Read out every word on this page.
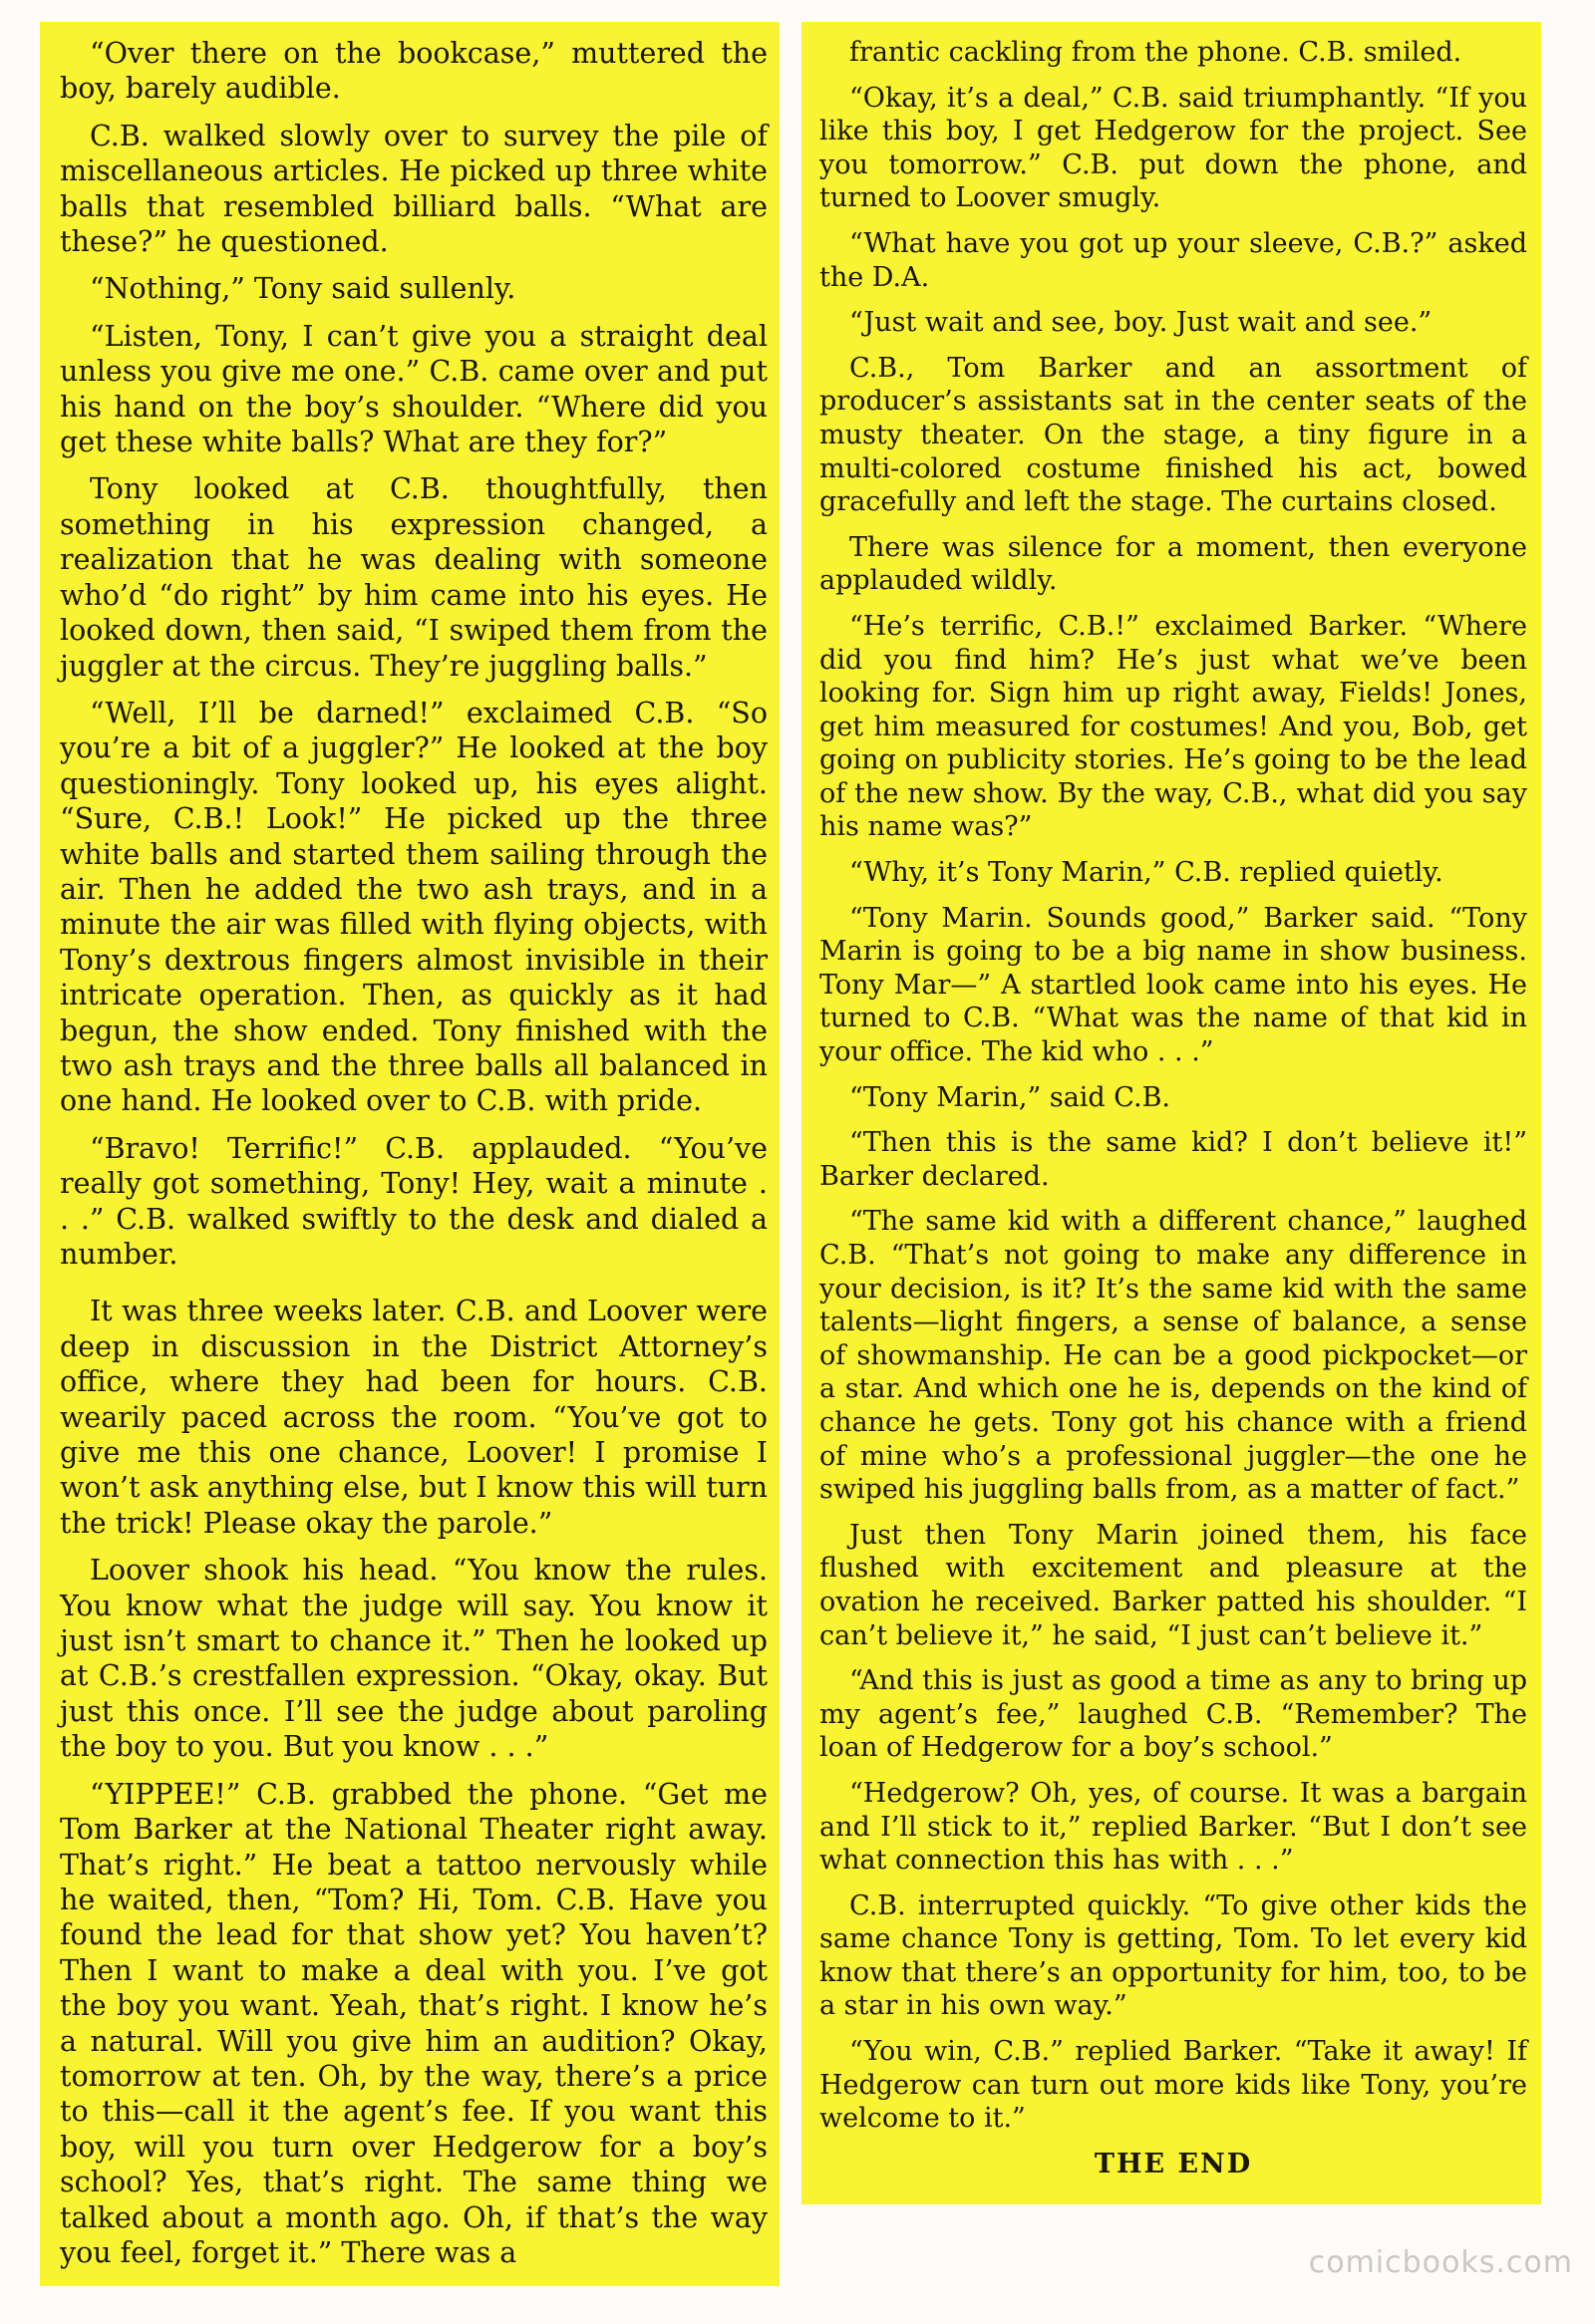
“Over there on the bookcase,” muttered the boy, barely audible.

C.B. walked slowly over to survey the pile of miscellaneous articles. He picked up three white balls that resembled billiard balls. “What are these?” he questioned.

“Nothing,” Tony said sullenly.

“Listen, Tony, I can’t give you a straight deal unless you give me one.” C.B. came over and put his hand on the boy’s shoulder. “Where did you get these white balls? What are they for?”

Tony looked at C.B. thoughtfully, then something in his expression changed, a realization that he was dealing with someone who’d “do right” by him came into his eyes. He looked down, then said, “I swiped them from the juggler at the circus. They’re juggling balls.”

“Well, I’ll be darned!” exclaimed C.B. “So you’re a bit of a juggler?” He looked at the boy questioningly. Tony looked up, his eyes alight. “Sure, C.B.! Look!” He picked up the three white balls and started them sailing through the air. Then he added the two ash trays, and in a minute the air was filled with flying objects, with Tony’s dextrous fingers almost invisible in their intricate operation. Then, as quickly as it had begun, the show ended. Tony finished with the two ash trays and the three balls all balanced in one hand. He looked over to C.B. with pride.

“Bravo! Terrific!” C.B. applauded. “You’ve really got something, Tony! Hey, wait a minute . . .” C.B. walked swiftly to the desk and dialed a number.

It was three weeks later. C.B. and Loover were deep in discussion in the District Attorney’s office, where they had been for hours. C.B. wearily paced across the room. “You’ve got to give me this one chance, Loover! I promise I won’t ask anything else, but I know this will turn the trick! Please okay the parole.”

Loover shook his head. “You know the rules. You know what the judge will say. You know it just isn’t smart to chance it.” Then he looked up at C.B.’s crestfallen expression. “Okay, okay. But just this once. I’ll see the judge about paroling the boy to you. But you know . . .”

“YIPPEE!” C.B. grabbed the phone. “Get me Tom Barker at the National Theater right away. That’s right.” He beat a tattoo nervously while he waited, then, “Tom? Hi, Tom. C.B. Have you found the lead for that show yet? You haven’t? Then I want to make a deal with you. I’ve got the boy you want. Yeah, that’s right. I know he’s a natural. Will you give him an audition? Okay, tomorrow at ten. Oh, by the way, there’s a price to this—call it the agent’s fee. If you want this boy, will you turn over Hedgerow for a boy’s school? Yes, that’s right. The same thing we talked about a month ago. Oh, if that’s the way you feel, forget it.” There was a

frantic cackling from the phone. C.B. smiled.

“Okay, it’s a deal,” C.B. said triumphantly. “If you like this boy, I get Hedgerow for the project. See you tomorrow.” C.B. put down the phone, and turned to Loover smugly.

“What have you got up your sleeve, C.B.?” asked the D.A.

“Just wait and see, boy. Just wait and see.”

C.B., Tom Barker and an assortment of producer’s assistants sat in the center seats of the musty theater. On the stage, a tiny figure in a multi-colored costume finished his act, bowed gracefully and left the stage. The curtains closed.

There was silence for a moment, then everyone applauded wildly.

“He’s terrific, C.B.!” exclaimed Barker. “Where did you find him? He’s just what we’ve been looking for. Sign him up right away, Fields! Jones, get him measured for costumes! And you, Bob, get going on publicity stories. He’s going to be the lead of the new show. By the way, C.B., what did you say his name was?”

“Why, it’s Tony Marin,” C.B. replied quietly.

“Tony Marin. Sounds good,” Barker said. “Tony Marin is going to be a big name in show business. Tony Mar—” A startled look came into his eyes. He turned to C.B. “What was the name of that kid in your office. The kid who . . .”

“Tony Marin,” said C.B.

“Then this is the same kid? I don’t believe it!” Barker declared.

“The same kid with a different chance,” laughed C.B. “That’s not going to make any difference in your decision, is it? It’s the same kid with the same talents—light fingers, a sense of balance, a sense of showmanship. He can be a good pickpocket—or a star. And which one he is, depends on the kind of chance he gets. Tony got his chance with a friend of mine who’s a professional juggler—the one he swiped his juggling balls from, as a matter of fact.”

Just then Tony Marin joined them, his face flushed with excitement and pleasure at the ovation he received. Barker patted his shoulder. “I can’t believe it,” he said, “I just can’t believe it.”

“And this is just as good a time as any to bring up my agent’s fee,” laughed C.B. “Remember? The loan of Hedgerow for a boy’s school.”

“Hedgerow? Oh, yes, of course. It was a bargain and I’ll stick to it,” replied Barker. “But I don’t see what connection this has with . . .”

C.B. interrupted quickly. “To give other kids the same chance Tony is getting, Tom. To let every kid know that there’s an opportunity for him, too, to be a star in his own way.”

“You win, C.B.” replied Barker. “Take it away! If Hedgerow can turn out more kids like Tony, you’re welcome to it.”

THE END

comicbooks.com
